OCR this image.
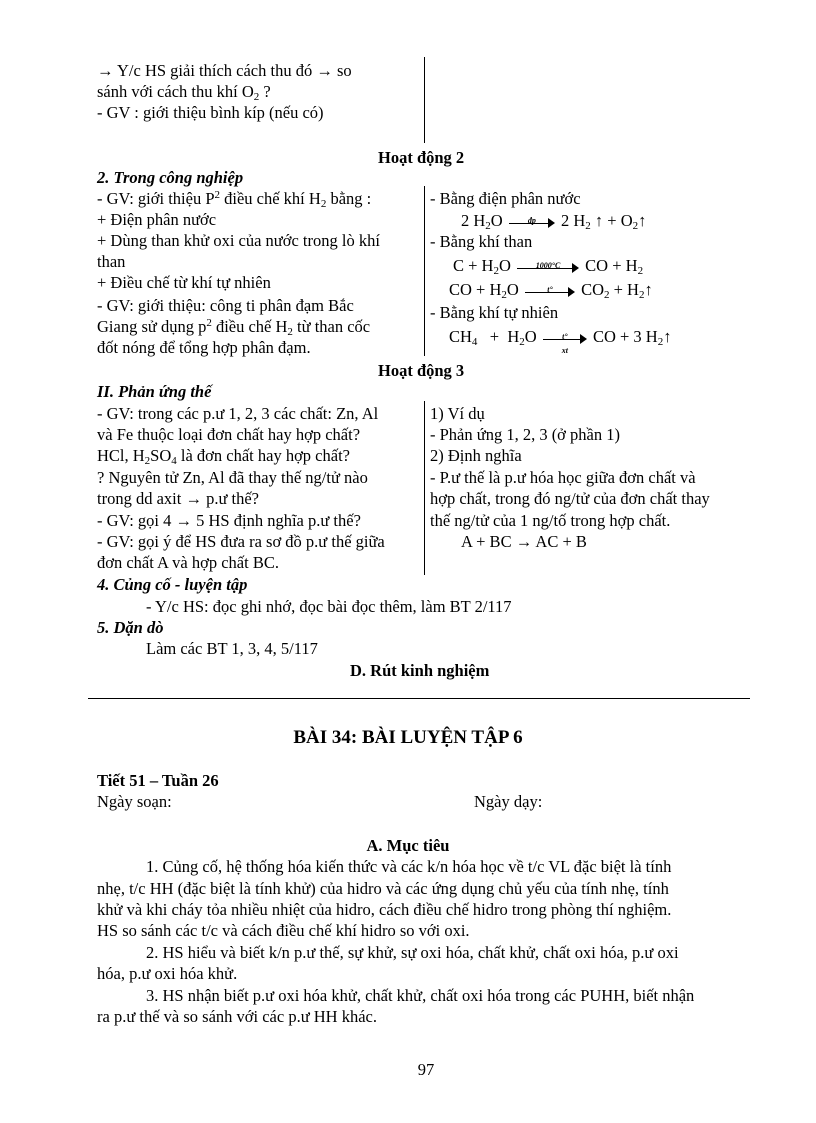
→ Y/c HS giải thích cách thu đó → so
sánh với cách thu khí $O_2$ ?
- GV : giới thiệu bình kíp (nếu có)
Hoạt động 2
2. Trong công nghiệp
- GV: giới thiệu $P^2$ điều chế khí $H_2$ bằng :
+ Điện phân nước
+ Dùng than khử oxi của nước trong lò khí
than
+ Điều chế từ khí tự nhiên
- GV: giới thiệu: công ti phân đạm Bắc
Giang sử dụng $p^2$ điều chế $H_2$ từ than cốc
đốt nóng để tổng hợp phân đạm.
- Bằng điện phân nước
2 $H_2O$	đp	2 $H_2$ ↑ + $O_2↑$
- Bằng khí than
$C + H_2O$	1000°C	CO + $H_2$
CO + $H_2O$	t°	$CO_2$ + $H_2↑$
- Bằng khí tự nhiên
$CH_4 + H_2O$	t°
xt
CO + 3 $H_2↑$
Hoạt động 3
II. Phản ứng thế
- GV: trong các p.ư 1, 2, 3 các chất: Zn, Al
và Fe thuộc loại đơn chất hay hợp chất?
HCl, $H_2SO_4$ là đơn chất hay hợp chất?
? Nguyên tử Zn, Al đã thay thế ng/tử nào
trong dd axit → p.ư thế?
- GV: gọi 4 → 5 HS định nghĩa p.ư thế?
- GV: gọi ý để HS đưa ra sơ đồ p.ư thế giữa
đơn chất A và hợp chất BC.
1) Ví dụ
- Phản ứng 1, 2, 3 (ở phần 1)
2) Định nghĩa
- P.ư thế là p.ư hóa học giữa đơn chất và
hợp chất, trong đó ng/tử của đơn chất thay
thế ng/tử của 1 ng/tố trong hợp chất.
A + BC → AC + B
4. Củng cố - luyện tập
- Y/c HS: đọc ghi nhớ, đọc bài đọc thêm, làm BT 2/117
5. Dặn dò
Làm các BT 1, 3, 4, 5/117
D. Rút kinh nghiệm
BÀI 34: BÀI LUYỆN TẬP 6
Tiết 51 – Tuần 26
Ngày soạn:	Ngày dạy:
A. Mục tiêu
1. Củng cố, hệ thống hóa kiến thức và các k/n hóa học về t/c VL đặc biệt là tính
nhẹ, t/c HH (đặc biệt là tính khử) của hidro và các ứng dụng chủ yếu của tính nhẹ, tính
khử và khi cháy tỏa nhiều nhiệt của hidro, cách điều chế hidro trong phòng thí nghiệm.
HS so sánh các t/c và cách điều chế khí hidro so với oxi.
2. HS hiểu và biết k/n p.ư thế, sự khử, sự oxi hóa, chất khử, chất oxi hóa, p.ư oxi
hóa, p.ư oxi hóa khử.
3. HS nhận biết p.ư oxi hóa khử, chất khử, chất oxi hóa trong các PUHH, biết nhận
ra p.ư thế và so sánh với các p.ư HH khác.
97
